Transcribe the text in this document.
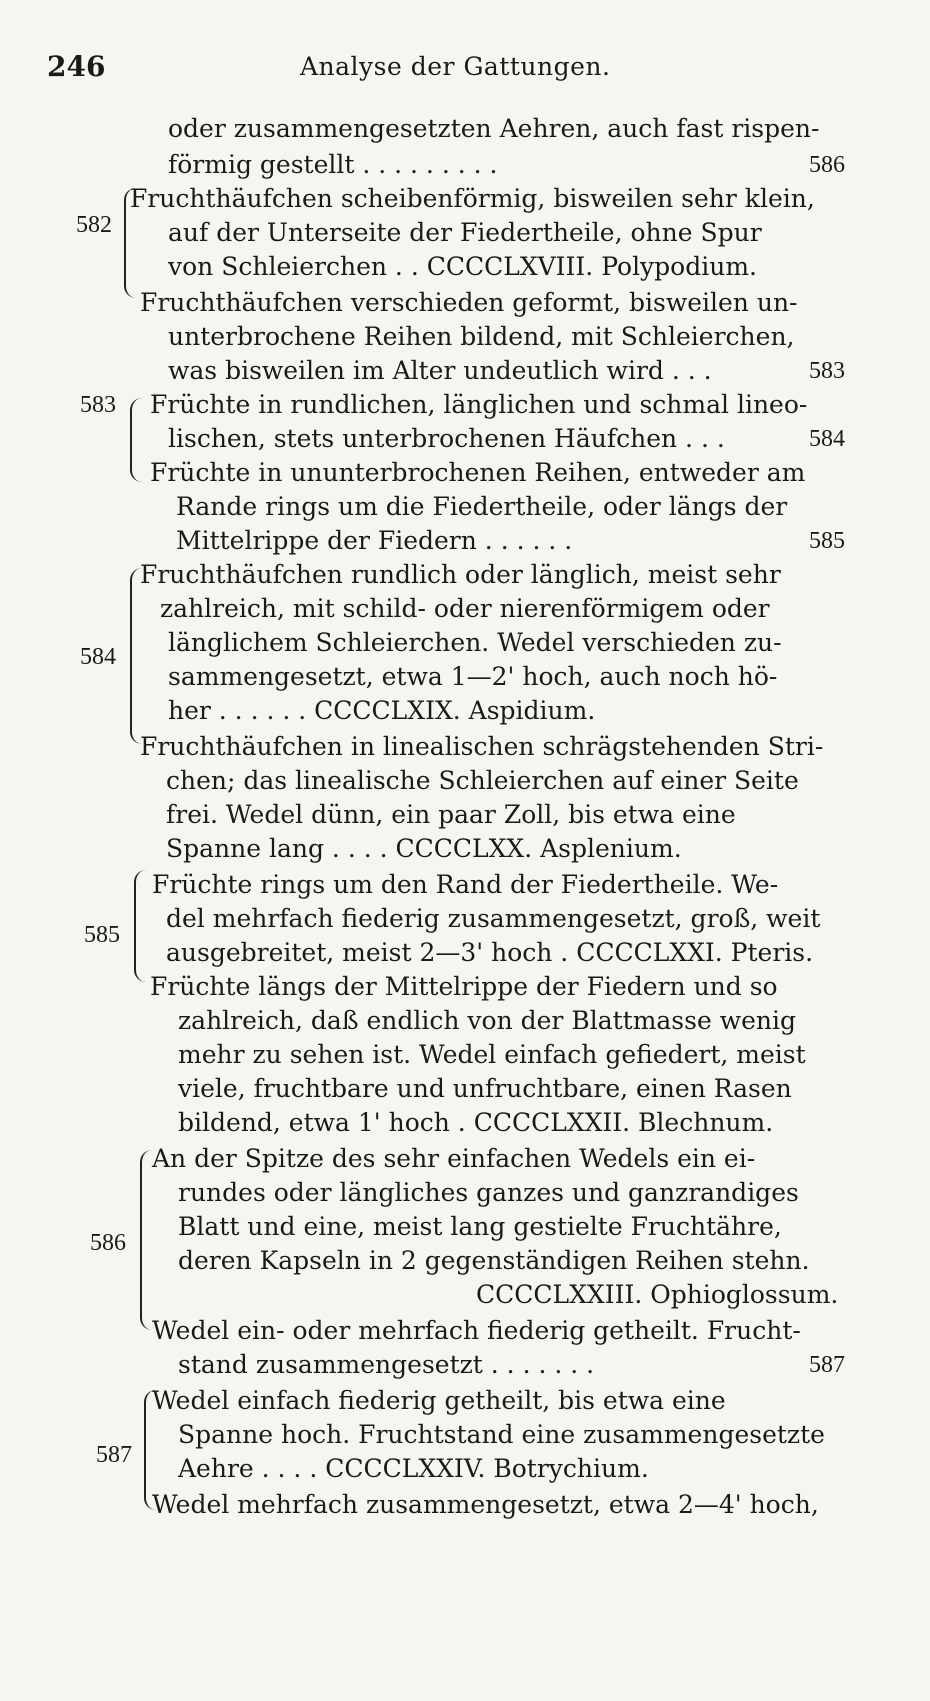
246	Analyse der Gattungen.
582
583
584
585
586
587
oder zusammengesetzten Aehren, auch fast rispen-
förmig gestellt . . . . . . . . .	586
Fruchthäufchen scheibenförmig, bisweilen sehr klein,
auf der Unterseite der Fiedertheile, ohne Spur
von Schleierchen . . CCCCLXVIII. Polypodium.
Fruchthäufchen verschieden geformt, bisweilen un-
unterbrochene Reihen bildend, mit Schleierchen,
was bisweilen im Alter undeutlich wird . . .	583
Früchte in rundlichen, länglichen und schmal lineo-
lischen, stets unterbrochenen Häufchen . . .	584
Früchte in ununterbrochenen Reihen, entweder am
Rande rings um die Fiedertheile, oder längs der
Mittelrippe der Fiedern . . . . . .	585
Fruchthäufchen rundlich oder länglich, meist sehr
zahlreich, mit schild- oder nierenförmigem oder
länglichem Schleierchen. Wedel verschieden zu-
sammengesetzt, etwa 1—2' hoch, auch noch hö-
her . . . . . . CCCCLXIX. Aspidium.
Fruchthäufchen in linealischen schrägstehenden Stri-
chen; das linealische Schleierchen auf einer Seite
frei. Wedel dünn, ein paar Zoll, bis etwa eine
Spanne lang . . . . CCCCLXX. Asplenium.
Früchte rings um den Rand der Fiedertheile. We-
del mehrfach fiederig zusammengesetzt, groß, weit
ausgebreitet, meist 2—3' hoch . CCCCLXXI. Pteris.
Früchte längs der Mittelrippe der Fiedern und so
zahlreich, daß endlich von der Blattmasse wenig
mehr zu sehen ist. Wedel einfach gefiedert, meist
viele, fruchtbare und unfruchtbare, einen Rasen
bildend, etwa 1' hoch . CCCCLXXII. Blechnum.
An der Spitze des sehr einfachen Wedels ein ei-
rundes oder längliches ganzes und ganzrandiges
Blatt und eine, meist lang gestielte Fruchtähre,
deren Kapseln in 2 gegenständigen Reihen stehn.
CCCCLXXIII. Ophioglossum.
Wedel ein- oder mehrfach fiederig getheilt. Frucht-
stand zusammengesetzt . . . . . . .	587
Wedel einfach fiederig getheilt, bis etwa eine
Spanne hoch. Fruchtstand eine zusammengesetzte
Aehre . . . . CCCCLXXIV. Botrychium.
Wedel mehrfach zusammengesetzt, etwa 2—4' hoch,
